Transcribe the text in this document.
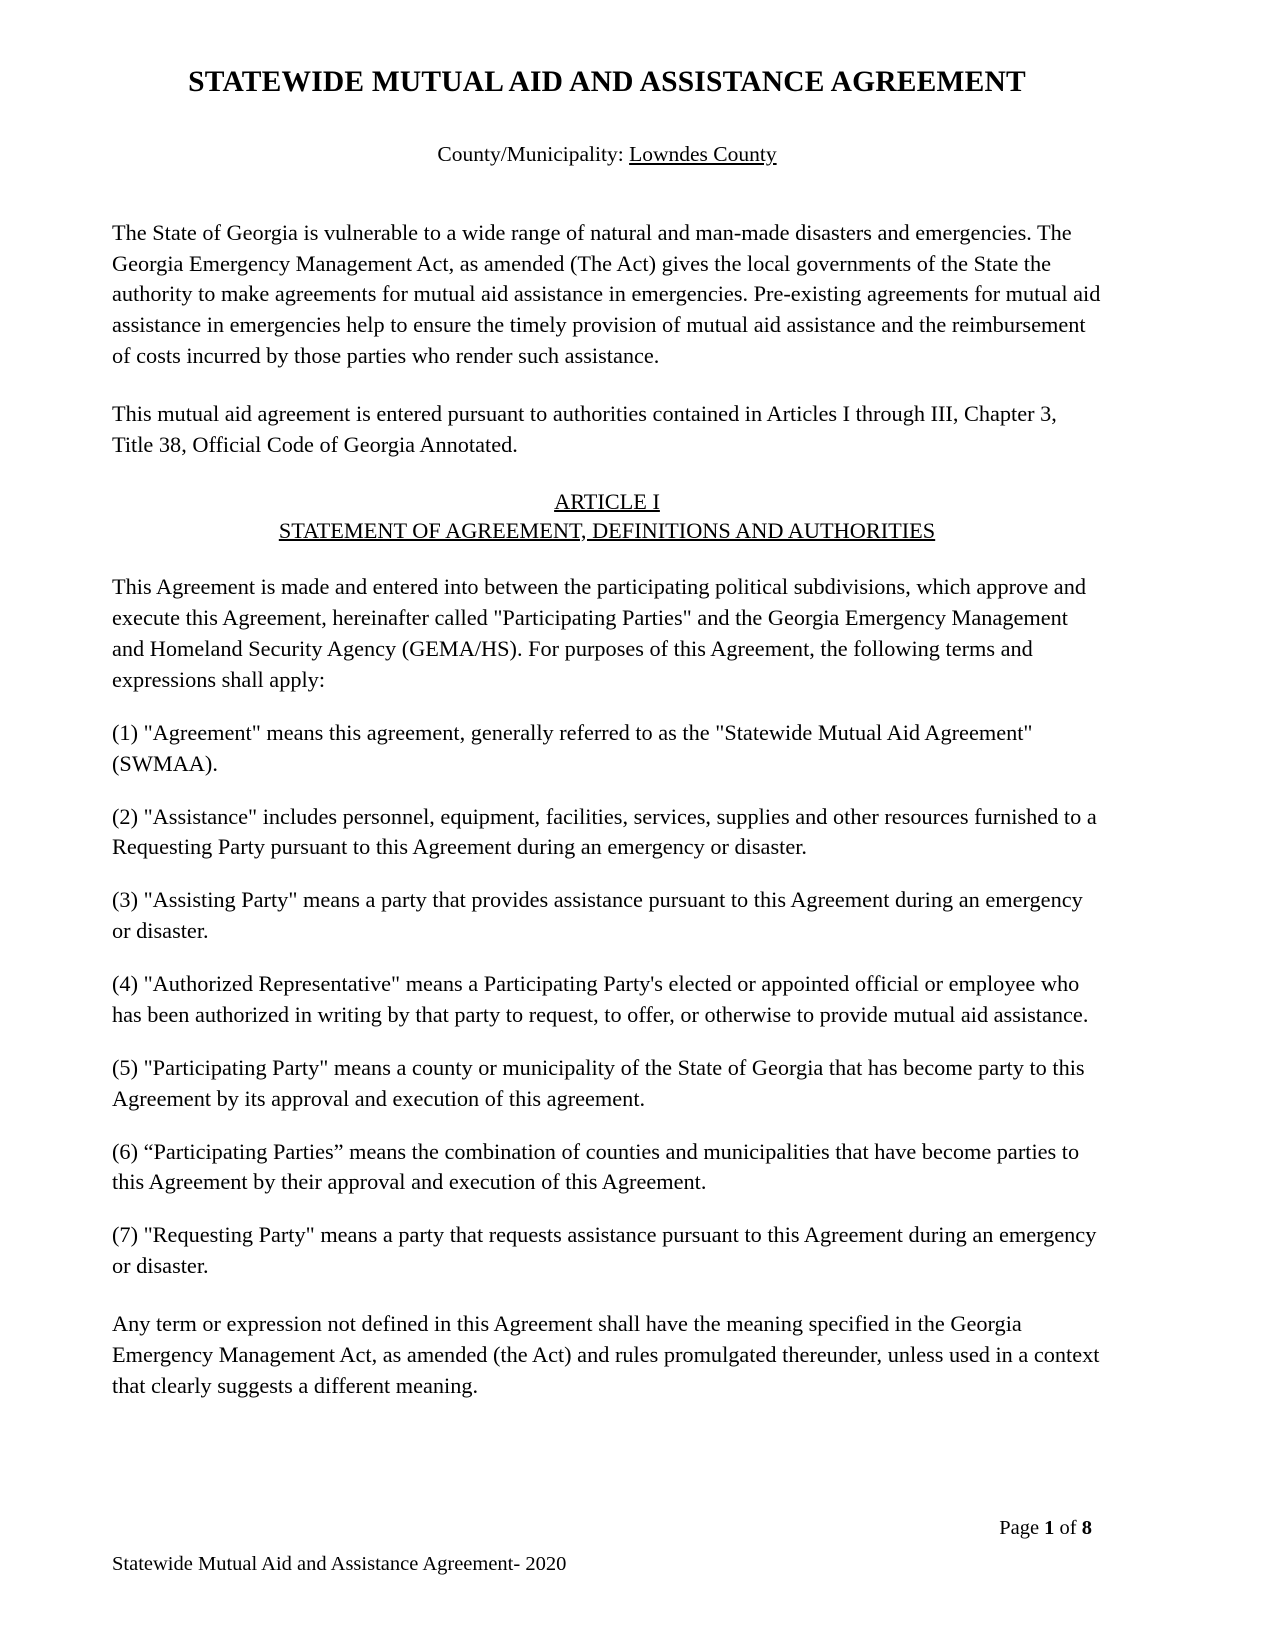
STATEWIDE MUTUAL AID AND ASSISTANCE AGREEMENT

County/Municipality: Lowndes County

The State of Georgia is vulnerable to a wide range of natural and man-made disasters and emergencies. The Georgia Emergency Management Act, as amended (The Act) gives the local governments of the State the authority to make agreements for mutual aid assistance in emergencies. Pre-existing agreements for mutual aid assistance in emergencies help to ensure the timely provision of mutual aid assistance and the reimbursement of costs incurred by those parties who render such assistance.

This mutual aid agreement is entered pursuant to authorities contained in Articles I through III, Chapter 3, Title 38, Official Code of Georgia Annotated.

ARTICLE I

STATEMENT OF AGREEMENT, DEFINITIONS AND AUTHORITIES

This Agreement is made and entered into between the participating political subdivisions, which approve and execute this Agreement, hereinafter called "Participating Parties" and the Georgia Emergency Management and Homeland Security Agency (GEMA/HS). For purposes of this Agreement, the following terms and expressions shall apply:

(1) "Agreement" means this agreement, generally referred to as the "Statewide Mutual Aid Agreement" (SWMAA).

(2) "Assistance" includes personnel, equipment, facilities, services, supplies and other resources furnished to a Requesting Party pursuant to this Agreement during an emergency or disaster.

(3) "Assisting Party" means a party that provides assistance pursuant to this Agreement during an emergency or disaster.

(4) "Authorized Representative" means a Participating Party's elected or appointed official or employee who has been authorized in writing by that party to request, to offer, or otherwise to provide mutual aid assistance.

(5) "Participating Party" means a county or municipality of the State of Georgia that has become party to this Agreement by its approval and execution of this agreement.

(6) “Participating Parties” means the combination of counties and municipalities that have become parties to this Agreement by their approval and execution of this Agreement.

(7) "Requesting Party" means a party that requests assistance pursuant to this Agreement during an emergency or disaster.

Any term or expression not defined in this Agreement shall have the meaning specified in the Georgia Emergency Management Act, as amended (the Act) and rules promulgated thereunder, unless used in a context that clearly suggests a different meaning.

Page 1 of 8
Statewide Mutual Aid and Assistance Agreement- 2020
